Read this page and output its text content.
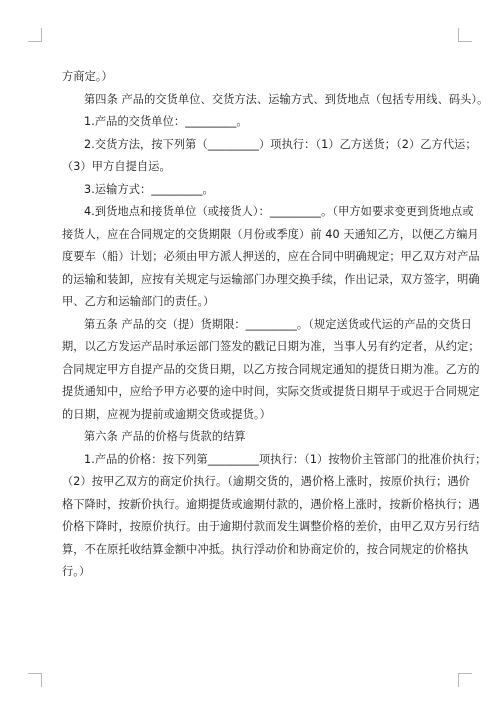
方商定。）

第四条 产品的交货单位、交货方法、运输方式、到货地点（包括专用线、码头）。

1.产品的交货单位：_________。

2.交货方法，按下列第（_________）项执行：（1）乙方送货；（2）乙方代运；

（3）甲方自提自运。

3.运输方式：_________。

4.到货地点和接货单位（或接货人）：_________。（甲方如要求变更到货地点或

接货人，应在合同规定的交货期限（月份或季度）前 40 天通知乙方，以便乙方编月

度要车（船）计划；必须由甲方派人押送的，应在合同中明确规定；甲乙双方对产品

的运输和装卸，应按有关规定与运输部门办理交换手续，作出记录，双方签字，明确

甲、乙方和运输部门的责任。）

第五条 产品的交（提）货期限：_________。（规定送货或代运的产品的交货日

期，以乙方发运产品时承运部门签发的戳记日期为准，当事人另有约定者，从约定；

合同规定甲方自提产品的交货日期，以乙方按合同规定通知的提货日期为准。乙方的

提货通知中，应给予甲方必要的途中时间，实际交货或提货日期早于或迟于合同规定

的日期，应视为提前或逾期交货或提货。）

第六条 产品的价格与货款的结算

1.产品的价格：按下列第_________项执行：（1）按物价主管部门的批准价执行；

（2）按甲乙双方的商定价执行。（逾期交货的，遇价格上涨时，按原价执行；遇价

格下降时，按新价执行。逾期提货或逾期付款的，遇价格上涨时，按新价格执行；遇

价格下降时，按原价执行。由于逾期付款而发生调整价格的差价，由甲乙双方另行结

算，不在原托收结算金额中冲抵。执行浮动价和协商定价的，按合同规定的价格执

行。）
